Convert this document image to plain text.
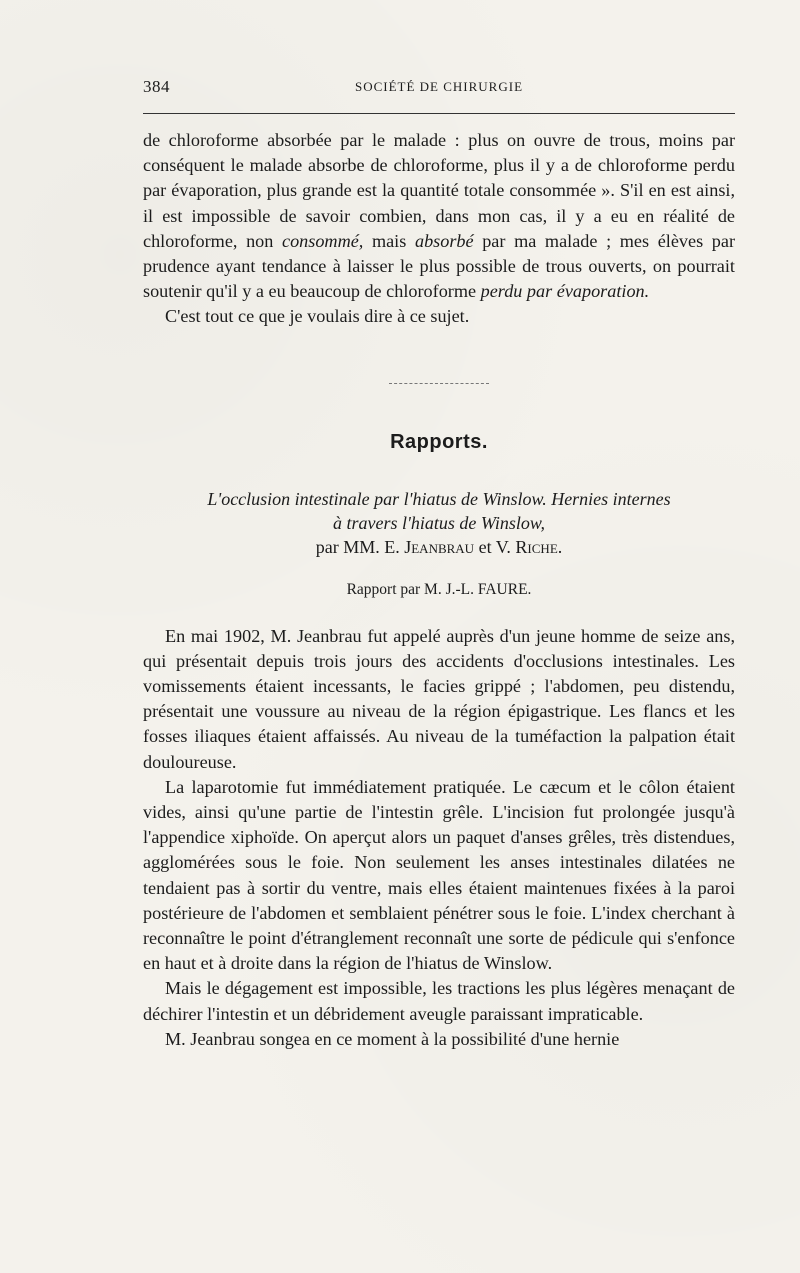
384	SOCIÉTÉ DE CHIRURGIE

de chloroforme absorbée par le malade : plus on ouvre de trous, moins par conséquent le malade absorbe de chloroforme, plus il y a de chloroforme perdu par évaporation, plus grande est la quantité totale consommée ». S'il en est ainsi, il est impossible de savoir combien, dans mon cas, il y a eu en réalité de chloroforme, non consommé, mais absorbé par ma malade ; mes élèves par prudence ayant tendance à laisser le plus possible de trous ouverts, on pourrait soutenir qu'il y a eu beaucoup de chloroforme perdu par évaporation.

C'est tout ce que je voulais dire à ce sujet.

Rapports.
L'occlusion intestinale par l'hiatus de Winslow. Hernies internes
à travers l'hiatus de Winslow,
par MM. E. Jeanbrau et V. Riche.
Rapport par M. J.-L. FAURE.

En mai 1902, M. Jeanbrau fut appelé auprès d'un jeune homme de seize ans, qui présentait depuis trois jours des accidents d'occlusions intestinales. Les vomissements étaient incessants, le facies grippé ; l'abdomen, peu distendu, présentait une voussure au niveau de la région épigastrique. Les flancs et les fosses iliaques étaient affaissés. Au niveau de la tuméfaction la palpation était douloureuse.

La laparotomie fut immédiatement pratiquée. Le cæcum et le côlon étaient vides, ainsi qu'une partie de l'intestin grêle. L'incision fut prolongée jusqu'à l'appendice xiphoïde. On aperçut alors un paquet d'anses grêles, très distendues, agglomérées sous le foie. Non seulement les anses intestinales dilatées ne tendaient pas à sortir du ventre, mais elles étaient maintenues fixées à la paroi postérieure de l'abdomen et semblaient pénétrer sous le foie. L'index cherchant à reconnaître le point d'étranglement reconnaît une sorte de pédicule qui s'enfonce en haut et à droite dans la région de l'hiatus de Winslow.

Mais le dégagement est impossible, les tractions les plus légères menaçant de déchirer l'intestin et un débridement aveugle paraissant impraticable.

M. Jeanbrau songea en ce moment à la possibilité d'une hernie
